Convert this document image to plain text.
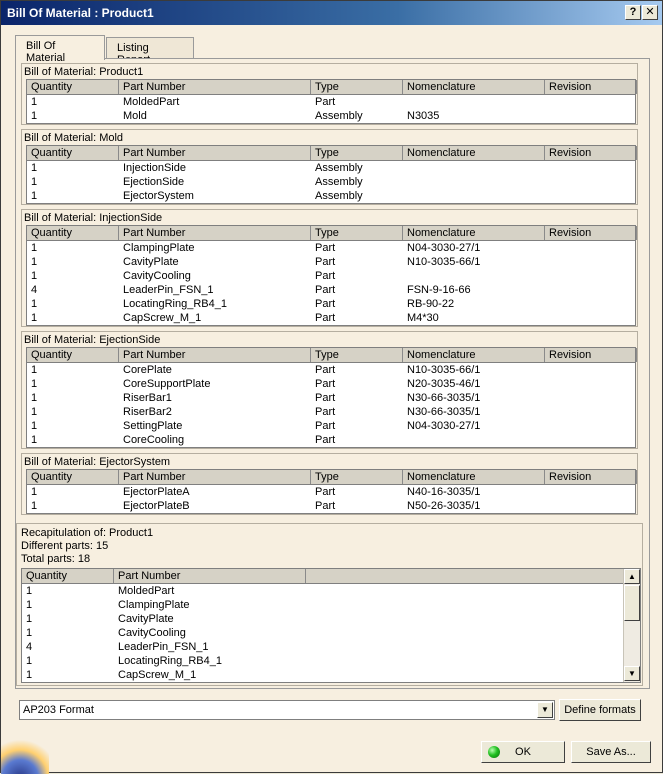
Bill Of Material : Product1	? ✕
Bill Of Material
Listing
Bill of Material: Product1
Quantity	Part Number	Type	Nomenclature	Revision
1	MoldedPart	Part
1	Mold	Assembly	N3035
Bill of Material: Mold
Quantity	Part Number	Type	Nomenclature	Revision
1	InjectionSide	Assembly
1	EjectionSide	Assembly
1	EjectorSystem	Assembly
Bill of Material: InjectionSide
Quantity	Part Number	Type	Nomenclature	Revision
1	ClampingPlate	Part	N04-3030-27/1
1	CavityPlate	Part	N10-3035-66/1
1	CavityCooling	Part
4	LeaderPin_FSN_1	Part	FSN-9-16-66
1	LocatingRing_RB4_1	Part	RB-90-22
1	CapScrew_M_1	Part	M4*30
Bill of Material: EjectionSide
Quantity	Part Number	Type	Nomenclature	Revision
1	CorePlate	Part	N10-3035-66/1
1	CoreSupportPlate	Part	N20-3035-46/1
1	RiserBar1	Part	N30-66-3035/1
1	RiserBar2	Part	N30-66-3035/1
1	SettingPlate	Part	N04-3030-27/1
1	CoreCooling	Part
Bill of Material: EjectorSystem
Quantity	Part Number	Type	Nomenclature	Revision
1	EjectorPlateA	Part	N40-16-3035/1
1	EjectorPlateB	Part	N50-26-3035/1
Recapitulation of: Product1
Different parts: 15
Total parts: 18
Quantity	Part Number
1	MoldedPart
1	ClampingPlate
1	CavityPlate
1	CavityCooling
4	LeaderPin_FSN_1
1	LocatingRing_RB4_1
1	CapScrew_M_1
▲
▼
AP203 Format	▼	Define formats
OK	Save As...
